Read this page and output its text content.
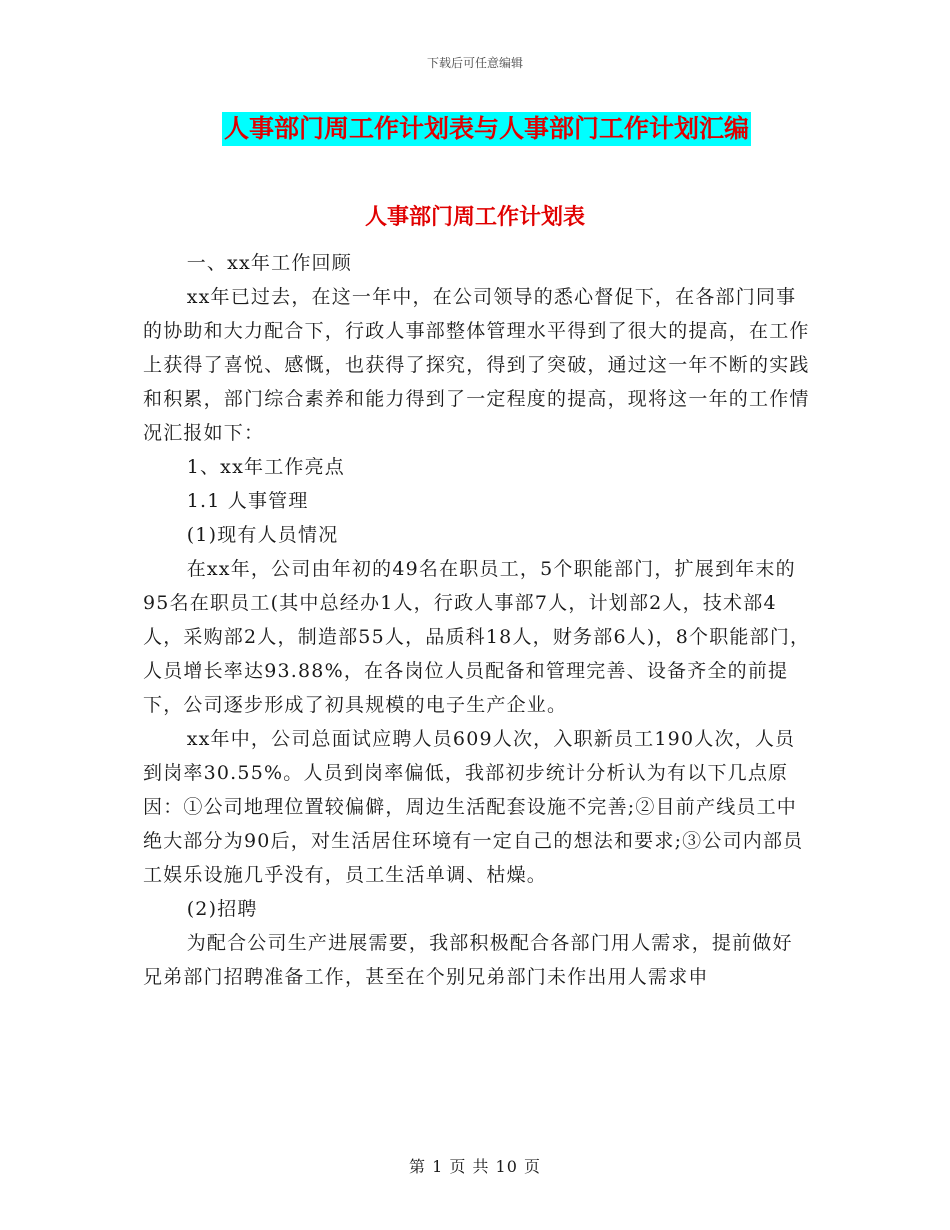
下载后可任意编辑
人事部门周工作计划表与人事部门工作计划汇编
人事部门周工作计划表

一、xx年工作回顾

xx年已过去，在这一年中，在公司领导的悉心督促下，在各部门同事的协助和大力配合下，行政人事部整体管理水平得到了很大的提高，在工作上获得了喜悦、感慨，也获得了探究，得到了突破，通过这一年不断的实践和积累，部门综合素养和能力得到了一定程度的提高，现将这一年的工作情况汇报如下：

1、xx年工作亮点

1.1 人事管理

(1)现有人员情况

在xx年，公司由年初的49名在职员工，5个职能部门，扩展到年末的95名在职员工(其中总经办1人，行政人事部7人，计划部2人，技术部4人，采购部2人，制造部55人，品质科18人，财务部6人)，8个职能部门，人员增长率达93.88%，在各岗位人员配备和管理完善、设备齐全的前提下，公司逐步形成了初具规模的电子生产企业。

xx年中，公司总面试应聘人员609人次，入职新员工190人次，人员到岗率30.55%。人员到岗率偏低，我部初步统计分析认为有以下几点原因：①公司地理位置较偏僻，周边生活配套设施不完善;②目前产线员工中绝大部分为90后，对生活居住环境有一定自己的想法和要求;③公司内部员工娱乐设施几乎没有，员工生活单调、枯燥。

(2)招聘

为配合公司生产进展需要，我部积极配合各部门用人需求，提前做好兄弟部门招聘准备工作，甚至在个别兄弟部门未作出用人需求申

第 1 页 共 10 页
